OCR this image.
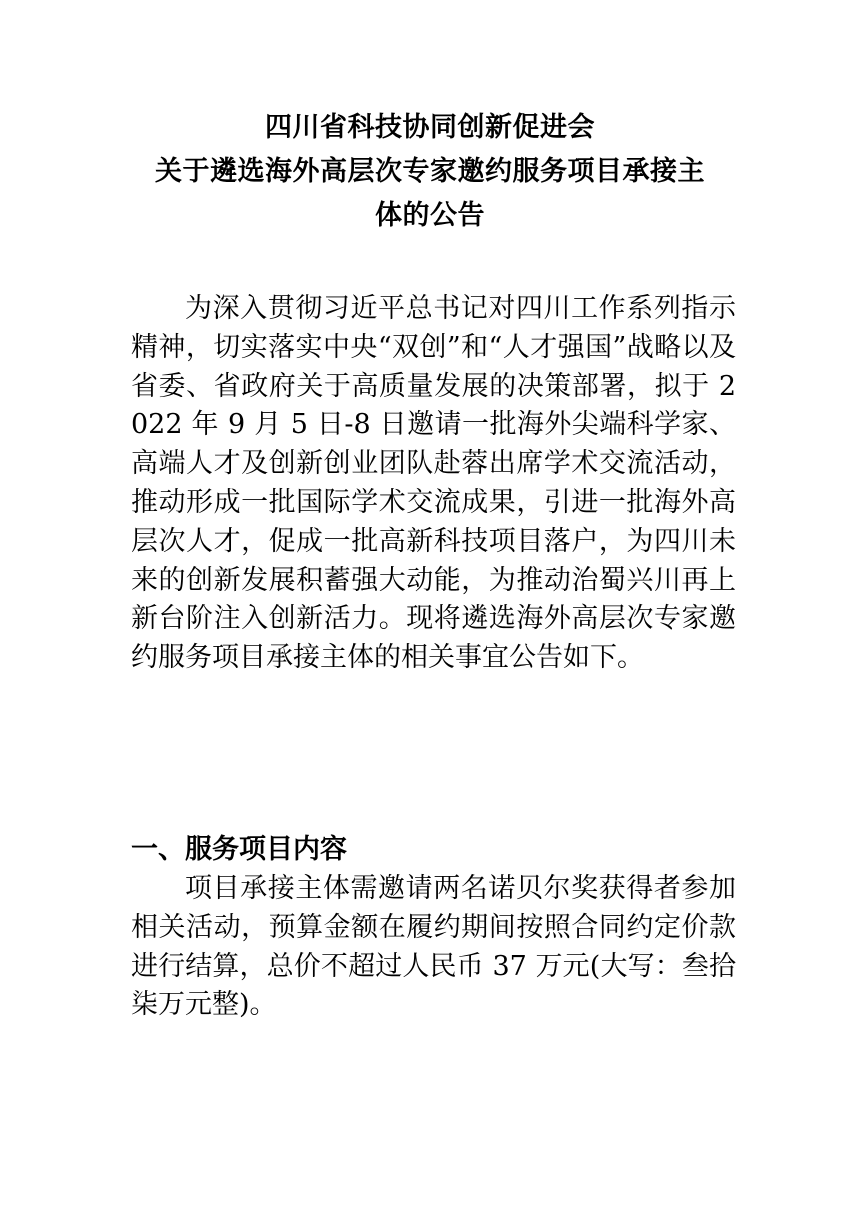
四川省科技协同创新促进会
关于遴选海外高层次专家邀约服务项目承接主
体的公告

为深入贯彻习近平总书记对四川工作系列指示精神，切实落实中央“双创”和“人才强国”战略以及省委、省政府关于高质量发展的决策部署，拟于 2022 年 9 月 5 日-8 日邀请一批海外尖端科学家、高端人才及创新创业团队赴蓉出席学术交流活动，推动形成一批国际学术交流成果，引进一批海外高层次人才，促成一批高新科技项目落户，为四川未来的创新发展积蓄强大动能，为推动治蜀兴川再上新台阶注入创新活力。现将遴选海外高层次专家邀约服务项目承接主体的相关事宜公告如下。

一、服务项目内容

项目承接主体需邀请两名诺贝尔奖获得者参加相关活动，预算金额在履约期间按照合同约定价款进行结算，总价不超过人民币 37 万元(大写：叁拾柒万元整)。
